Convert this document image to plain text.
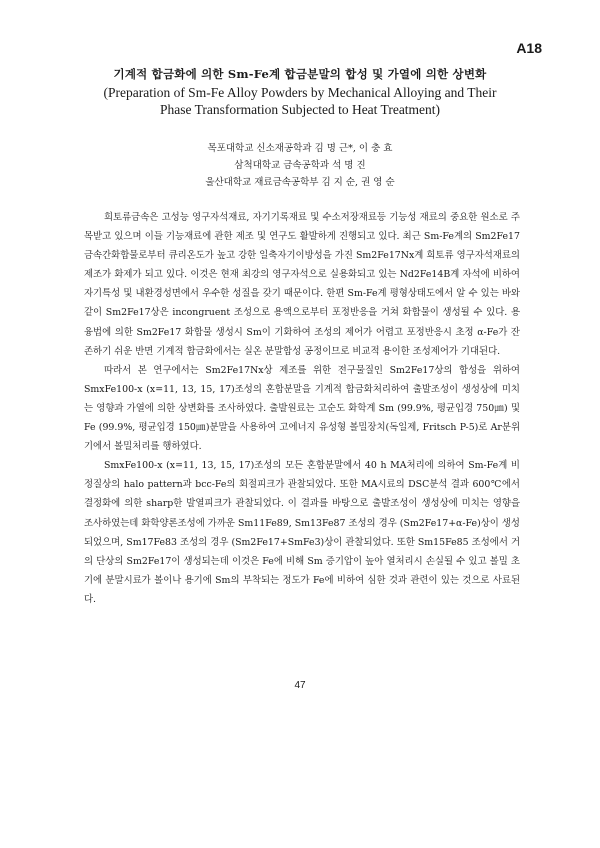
A18
기계적 합금화에 의한 Sm-Fe계 합금분말의 합성 및 가열에 의한 상변화
(Preparation of Sm-Fe Alloy Powders by Mechanical Alloying and Their
Phase Transformation Subjected to Heat Treatment)
목포대학교 신소재공학과 김 명 근*, 이 충 효
삼척대학교 금속공학과 석 명 진
울산대학교 재료금속공학부 김 지 순, 권 영 순

희토류금속은 고성능 영구자석재료, 자기기록재료 및 수소저장재료등 기능성 재료의 중요한 원소로 주목받고 있으며 이들 기능재료에 관한 제조 및 연구도 활발하게 진행되고 있다. 최근 Sm-Fe계의 Sm2Fe17 금속간화합물로부터 큐리온도가 높고 강한 일축자기이방성을 가진 Sm2Fe17Nx계 희토류 영구자석재료의 제조가 화제가 되고 있다. 이것은 현재 최강의 영구자석으로 실용화되고 있는 Nd2Fe14B계 자석에 비하여 자기특성 및 내환경성면에서 우수한 성질을 갖기 때문이다. 한편 Sm-Fe계 평형상태도에서 알 수 있는 바와같이 Sm2Fe17상은 incongruent 조성으로 용액으로부터 포정반응을 거쳐 화합물이 생성될 수 있다. 용융법에 의한 Sm2Fe17 화합물 생성시 Sm이 기화하여 조성의 제어가 어렵고 포정반응시 초정 α-Fe가 잔존하기 쉬운 반면 기계적 합금화에서는 실온 분말합성 공정이므로 비교적 용이한 조성제어가 기대된다.

따라서 본 연구에서는 Sm2Fe17Nx상 제조를 위한 전구물질인 Sm2Fe17상의 합성을 위하여 SmxFe100-x (x=11, 13, 15, 17)조성의 혼합분말을 기계적 합금화처리하여 출발조성이 생성상에 미치는 영향과 가열에 의한 상변화를 조사하였다. 출발원료는 고순도 화학계 Sm (99.9%, 평균입경 750㎛) 및 Fe (99.9%, 평균입경 150㎛)분말을 사용하여 고에너지 유성형 볼밀장치(독일제, Fritsch P-5)로 Ar분위기에서 볼밀처리를 행하였다.

SmxFe100-x (x=11, 13, 15, 17)조성의 모든 혼합분말에서 40 h MA처리에 의하여 Sm-Fe계 비정질상의 halo pattern과 bcc-Fe의 회절피크가 관찰되었다. 또한 MA시료의 DSC분석 결과 600℃에서 결정화에 의한 sharp한 발열피크가 관찰되었다. 이 결과를 바탕으로 출발조성이 생성상에 미치는 영향을 조사하였는데 화학양론조성에 가까운 Sm11Fe89, Sm13Fe87 조성의 경우 (Sm2Fe17+α-Fe)상이 생성되었으며, Sm17Fe83 조성의 경우 (Sm2Fe17+SmFe3)상이 관찰되었다. 또한 Sm15Fe85 조성에서 거의 단상의 Sm2Fe17이 생성되는데 이것은 Fe에 비해 Sm 증기압이 높아 열처리시 손실될 수 있고 볼밀 초기에 분말시료가 볼이나 용기에 Sm의 부착되는 정도가 Fe에 비하여 심한 것과 관련이 있는 것으로 사료된다.

47
